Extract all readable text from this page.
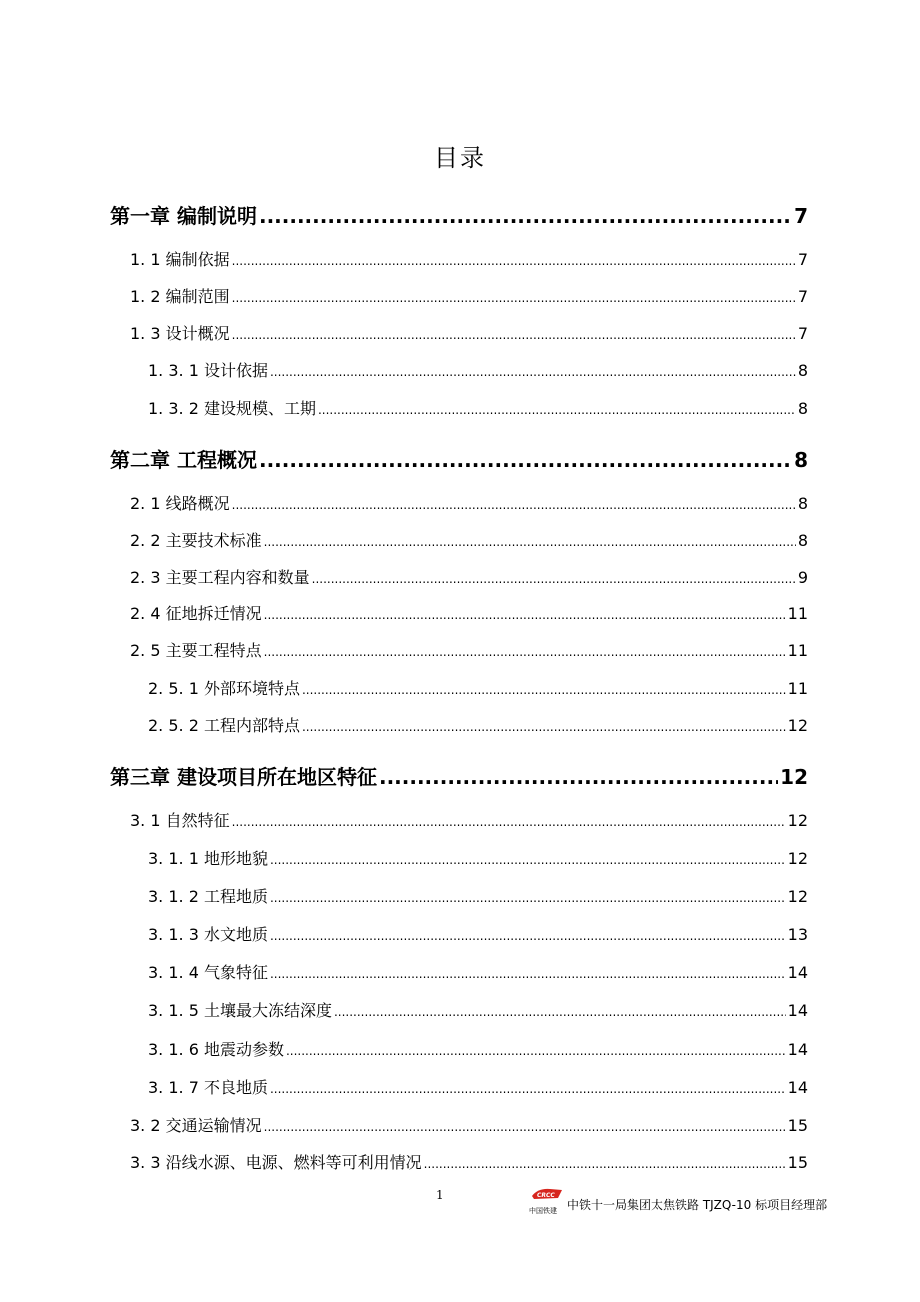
目录
第一章 编制说明 .....	7
1. 1 编制依据 .....	7
1. 2 编制范围 .....	7
1. 3 设计概况 .....	7
1. 3. 1 设计依据 .....	8
1. 3. 2 建设规模、工期 .....	8
第二章 工程概况 .....	8
2. 1 线路概况 .....	8
2. 2 主要技术标准 .....	8
2. 3 主要工程内容和数量 .....	9
2. 4 征地拆迁情况 .....	11
2. 5 主要工程特点 .....	11
2. 5. 1 外部环境特点 .....	11
2. 5. 2 工程内部特点 .....	12
第三章 建设项目所在地区特征 .....	12
3. 1 自然特征 .....	12
3. 1. 1 地形地貌 .....	12
3. 1. 2 工程地质 .....	12
3. 1. 3 水文地质 .....	13
3. 1. 4 气象特征 .....	14
3. 1. 5 土壤最大冻结深度 .....	14
3. 1. 6 地震动参数 .....	14
3. 1. 7 不良地质 .....	14
3. 2 交通运输情况 .....	15
3. 3 沿线水源、电源、燃料等可利用情况 .....	15
1	CRCC
中国铁建 中铁十一局集团太焦铁路 TJZQ-10 标项目经理部
